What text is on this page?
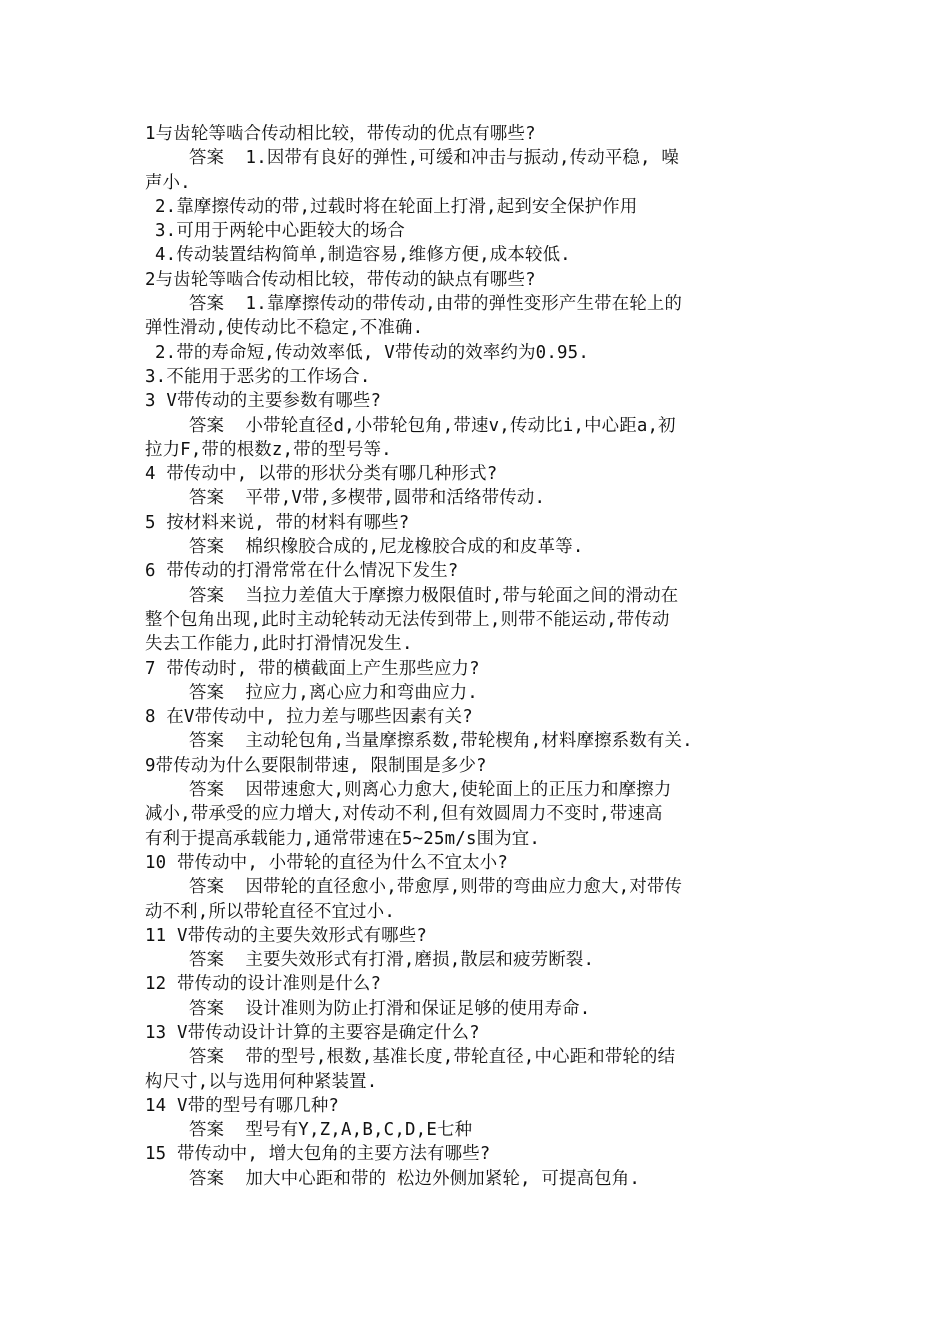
1与齿轮等啮合传动相比较，带传动的优点有哪些?
答案  1.因带有良好的弹性,可缓和冲击与振动,传动平稳, 噪
声小.
2.靠摩擦传动的带,过载时将在轮面上打滑,起到安全保护作用
3.可用于两轮中心距较大的场合
4.传动装置结构简单,制造容易,维修方便,成本较低.
2与齿轮等啮合传动相比较，带传动的缺点有哪些?
答案  1.靠摩擦传动的带传动,由带的弹性变形产生带在轮上的
弹性滑动,使传动比不稳定,不准确.
2.带的寿命短,传动效率低, V带传动的效率约为0.95.
3.不能用于恶劣的工作场合.
3 V带传动的主要参数有哪些?
答案  小带轮直径d,小带轮包角,带速v,传动比i,中心距a,初
拉力F,带的根数z,带的型号等.
4 带传动中, 以带的形状分类有哪几种形式?
答案  平带,V带,多楔带,圆带和活络带传动.
5 按材料来说, 带的材料有哪些?
答案  棉织橡胶合成的,尼龙橡胶合成的和皮革等.
6 带传动的打滑常常在什么情况下发生?
答案  当拉力差值大于摩擦力极限值时,带与轮面之间的滑动在
整个包角出现,此时主动轮转动无法传到带上,则带不能运动,带传动
失去工作能力,此时打滑情况发生.
7 带传动时, 带的横截面上产生那些应力?
答案  拉应力,离心应力和弯曲应力.
8 在V带传动中, 拉力差与哪些因素有关?
答案  主动轮包角,当量摩擦系数,带轮楔角,材料摩擦系数有关.
9带传动为什么要限制带速, 限制围是多少?
答案  因带速愈大,则离心力愈大,使轮面上的正压力和摩擦力
减小,带承受的应力增大,对传动不利,但有效圆周力不变时,带速高
有利于提高承载能力,通常带速在5~25m/s围为宜.
10 带传动中, 小带轮的直径为什么不宜太小?
答案  因带轮的直径愈小,带愈厚,则带的弯曲应力愈大,对带传
动不利,所以带轮直径不宜过小.
11 V带传动的主要失效形式有哪些?
答案  主要失效形式有打滑,磨损,散层和疲劳断裂.
12 带传动的设计准则是什么?
答案  设计准则为防止打滑和保证足够的使用寿命.
13 V带传动设计计算的主要容是确定什么?
答案  带的型号,根数,基准长度,带轮直径,中心距和带轮的结
构尺寸,以与选用何种紧装置.
14 V带的型号有哪几种?
答案  型号有Y,Z,A,B,C,D,E七种
15 带传动中, 增大包角的主要方法有哪些?
答案  加大中心距和带的 松边外侧加紧轮, 可提高包角.
